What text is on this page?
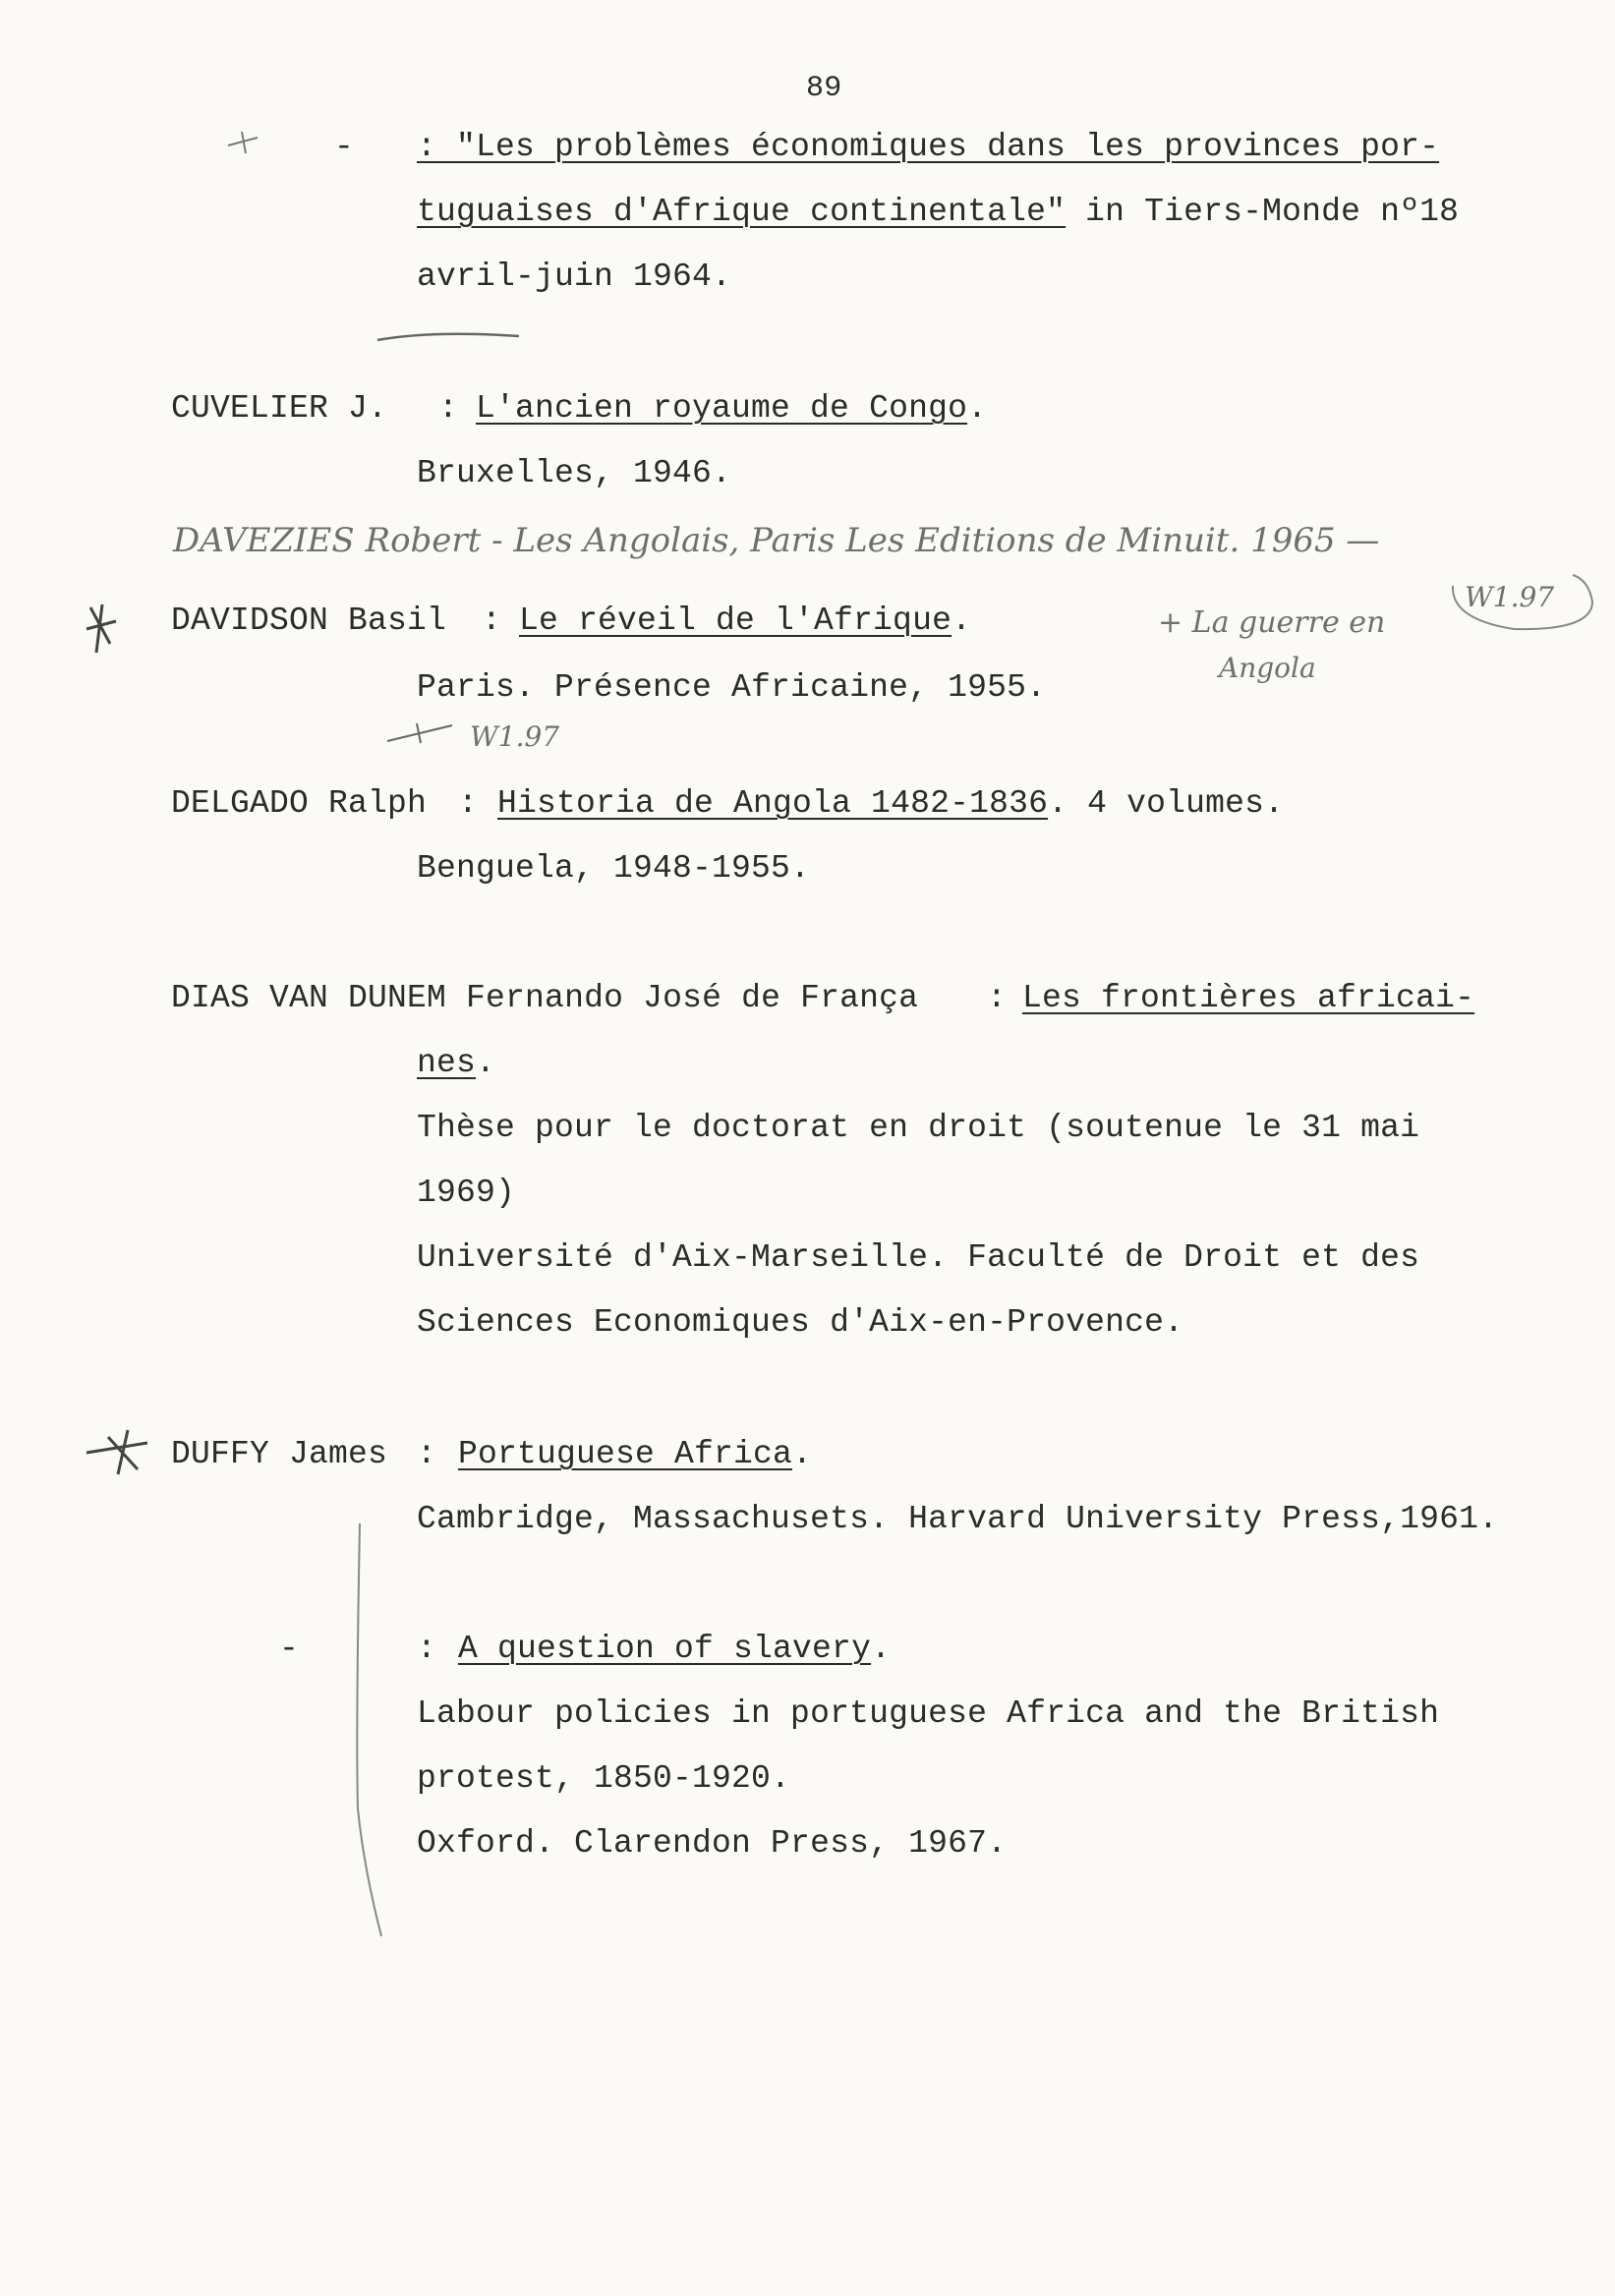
89
- : "Les problèmes économiques dans les provinces por-
tuguaises d'Afrique continentale" in Tiers-Monde nº18
avril-juin 1964.
CUVELIER J. : L'ancien royaume de Congo.
Bruxelles, 1946.
DAVEZIES Robert - Les Angolais, Paris Les Editions de Minuit. 1965 —
DAVIDSON Basil : Le réveil de l'Afrique.
Paris. Présence Africaine, 1955.
+ La guerre en
Angola
W1.97
W1.97
DELGADO Ralph : Historia de Angola 1482-1836. 4 volumes.
Benguela, 1948-1955.
DIAS VAN DUNEM Fernando José de França : Les frontières africai-
nes.
Thèse pour le doctorat en droit (soutenue le 31 mai
1969)
Université d'Aix-Marseille. Faculté de Droit et des
Sciences Economiques d'Aix-en-Provence.
DUFFY James : Portuguese Africa.
Cambridge, Massachusets. Harvard University Press,1961.
-	: A question of slavery.
Labour policies in portuguese Africa and the British
protest, 1850-1920.
Oxford. Clarendon Press, 1967.
